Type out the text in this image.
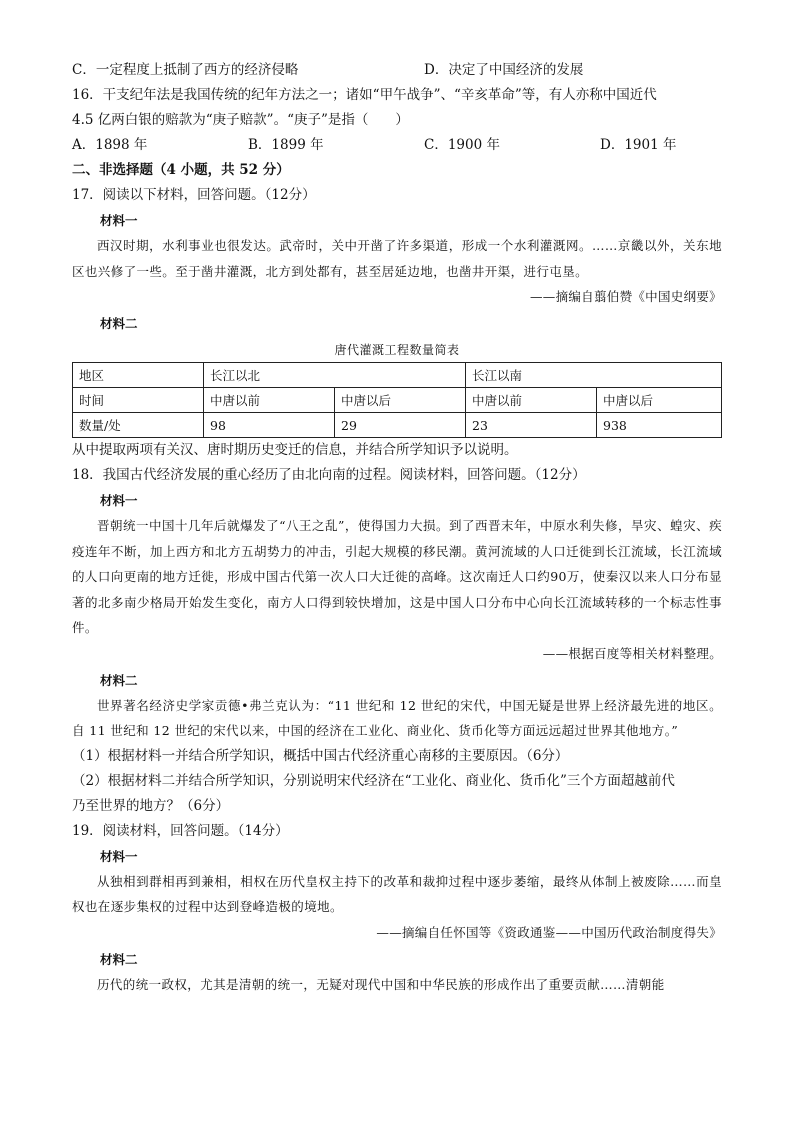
C．一定程度上抵制了西方的经济侵略	D．决定了中国经济的发展
16．干支纪年法是我国传统的纪年方法之一；诸如“甲午战争”、“辛亥革命”等，有人亦称中国近代
4.5 亿两白银的赔款为“庚子赔款”。“庚子”是指（　　）
A．1898 年	B．1899 年	C．1900 年	D．1901 年
二、非选择题（4 小题，共 52 分）
17．阅读以下材料，回答问题。（12分）
材料一
西汉时期，水利事业也很发达。武帝时，关中开凿了许多渠道，形成一个水利灌溉网。……京畿以外，关东地区也兴修了一些。至于凿井灌溉，北方到处都有，甚至居延边地，也凿井开渠，进行屯垦。
——摘编自翦伯赞《中国史纲要》
材料二
唐代灌溉工程数量简表
地区	长江以北		长江以南	
时间	中唐以前	中唐以后	中唐以前	中唐以后
数量/处	98	29	23	938
从中提取两项有关汉、唐时期历史变迁的信息，并结合所学知识予以说明。
18．我国古代经济发展的重心经历了由北向南的过程。阅读材料，回答问题。（12分）
材料一
晋朝统一中国十几年后就爆发了“八王之乱”，使得国力大损。到了西晋末年，中原水利失修，旱灾、蝗灾、疾疫连年不断，加上西方和北方五胡势力的冲击，引起大规模的移民潮。黄河流域的人口迁徙到长江流域，长江流域的人口向更南的地方迁徙，形成中国古代第一次人口大迁徙的高峰。这次南迁人口约90万，使秦汉以来人口分布显著的北多南少格局开始发生变化，南方人口得到较快增加，这是中国人口分布中心向长江流域转移的一个标志性事件。
——根据百度等相关材料整理。
材料二
世界著名经济史学家贡德•弗兰克认为：“11 世纪和 12 世纪的宋代，中国无疑是世界上经济最先进的地区。自 11 世纪和 12 世纪的宋代以来，中国的经济在工业化、商业化、货币化等方面远远超过世界其他地方。”
（1）根据材料一并结合所学知识，概括中国古代经济重心南移的主要原因。（6分）
（2）根据材料二并结合所学知识，分别说明宋代经济在“工业化、商业化、货币化”三个方面超越前代
乃至世界的地方？（6分）
19．阅读材料，回答问题。（14分）
材料一
从独相到群相再到兼相，相权在历代皇权主持下的改革和裁抑过程中逐步萎缩，最终从体制上被废除……而皇权也在逐步集权的过程中达到登峰造极的境地。
——摘编自任怀国等《资政通鉴——中国历代政治制度得失》
材料二
历代的统一政权，尤其是清朝的统一，无疑对现代中国和中华民族的形成作出了重要贡献……清朝能
